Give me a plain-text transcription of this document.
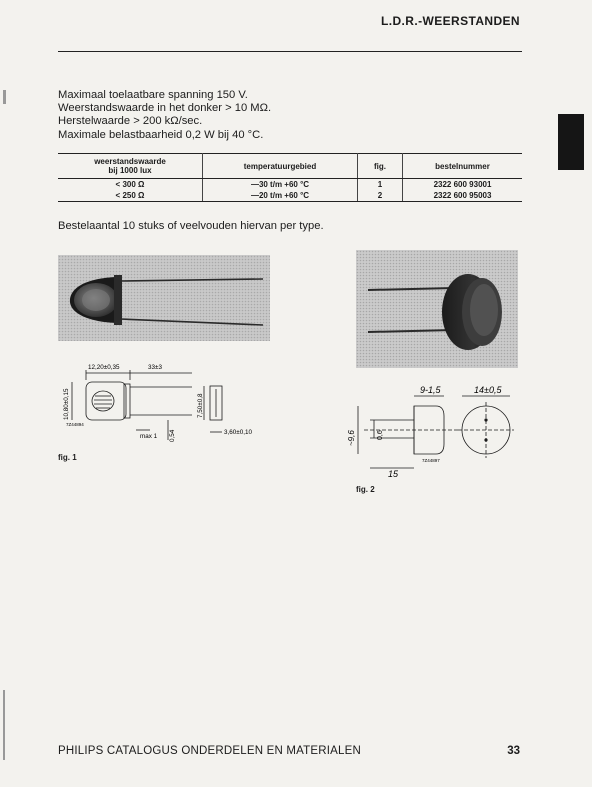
L.D.R.-WEERSTANDEN
Maximaal toelaatbare spanning 150 V.
Weerstandswaarde in het donker > 10 MΩ.
Herstelwaarde > 200 kΩ/sec.
Maximale belastbaarheid 0,2 W bij 40 °C.
weerstandswaarde
bij 1000 lux	temperatuurgebied	fig.	bestelnummer
< 300 Ω	—30 t/m +60 °C	1	2322 600 93001
< 250 Ω	—20 t/m +60 °C	2	2322 600 95003
Bestelaantal 10 stuks of veelvouden hiervan per type.
12,20±0,35	33±3
10,80±0,15	7,50±0,8
max 1 0,54	3,60±0,10
7Z44894
fig. 1
9-1,5	14±0,5
~9,6	0,6
15
7Z44897
fig. 2
PHILIPS CATALOGUS ONDERDELEN EN MATERIALEN	33
